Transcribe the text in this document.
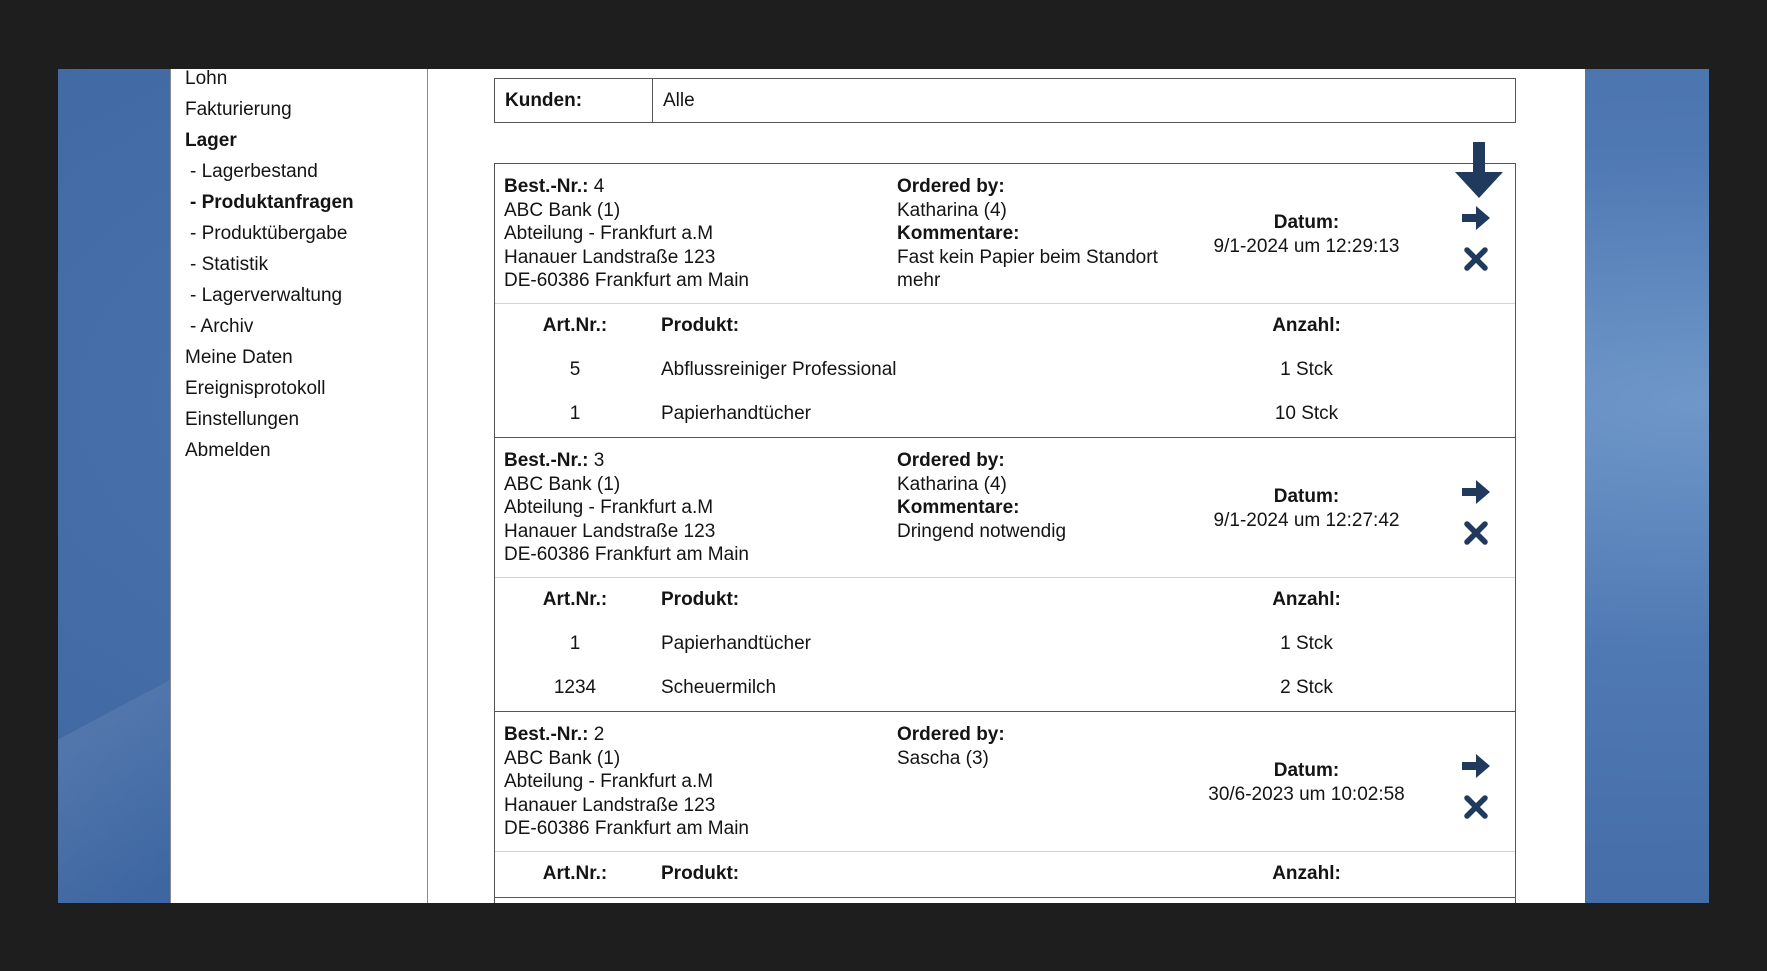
Lohn
Fakturierung
Lager
- Lagerbestand
- Produktanfragen
- Produktübergabe
- Statistik
- Lagerverwaltung
- Archiv
Meine Daten
Ereignisprotokoll
Einstellungen
Abmelden
Kunden:	Alle
Best.-Nr.: 4
ABC Bank (1)
Abteilung - Frankfurt a.M
Hanauer Landstraße 123
DE-60386 Frankfurt am Main
Ordered by:
Katharina (4)
Kommentare:
Fast kein Papier beim Standort mehr
Datum:
9/1-2024 um 12:29:13
Art.Nr.:	Produkt:	Anzahl:
5	Abflussreiniger Professional	1 Stck
1	Papierhandtücher	10 Stck
Best.-Nr.: 3
ABC Bank (1)
Abteilung - Frankfurt a.M
Hanauer Landstraße 123
DE-60386 Frankfurt am Main
Ordered by:
Katharina (4)
Kommentare:
Dringend notwendig
Datum:
9/1-2024 um 12:27:42
Art.Nr.:	Produkt:	Anzahl:
1	Papierhandtücher	1 Stck
1234	Scheuermilch	2 Stck
Best.-Nr.: 2
ABC Bank (1)
Abteilung - Frankfurt a.M
Hanauer Landstraße 123
DE-60386 Frankfurt am Main
Ordered by:
Sascha (3)
Datum:
30/6-2023 um 10:02:58
Art.Nr.:	Produkt:	Anzahl:
